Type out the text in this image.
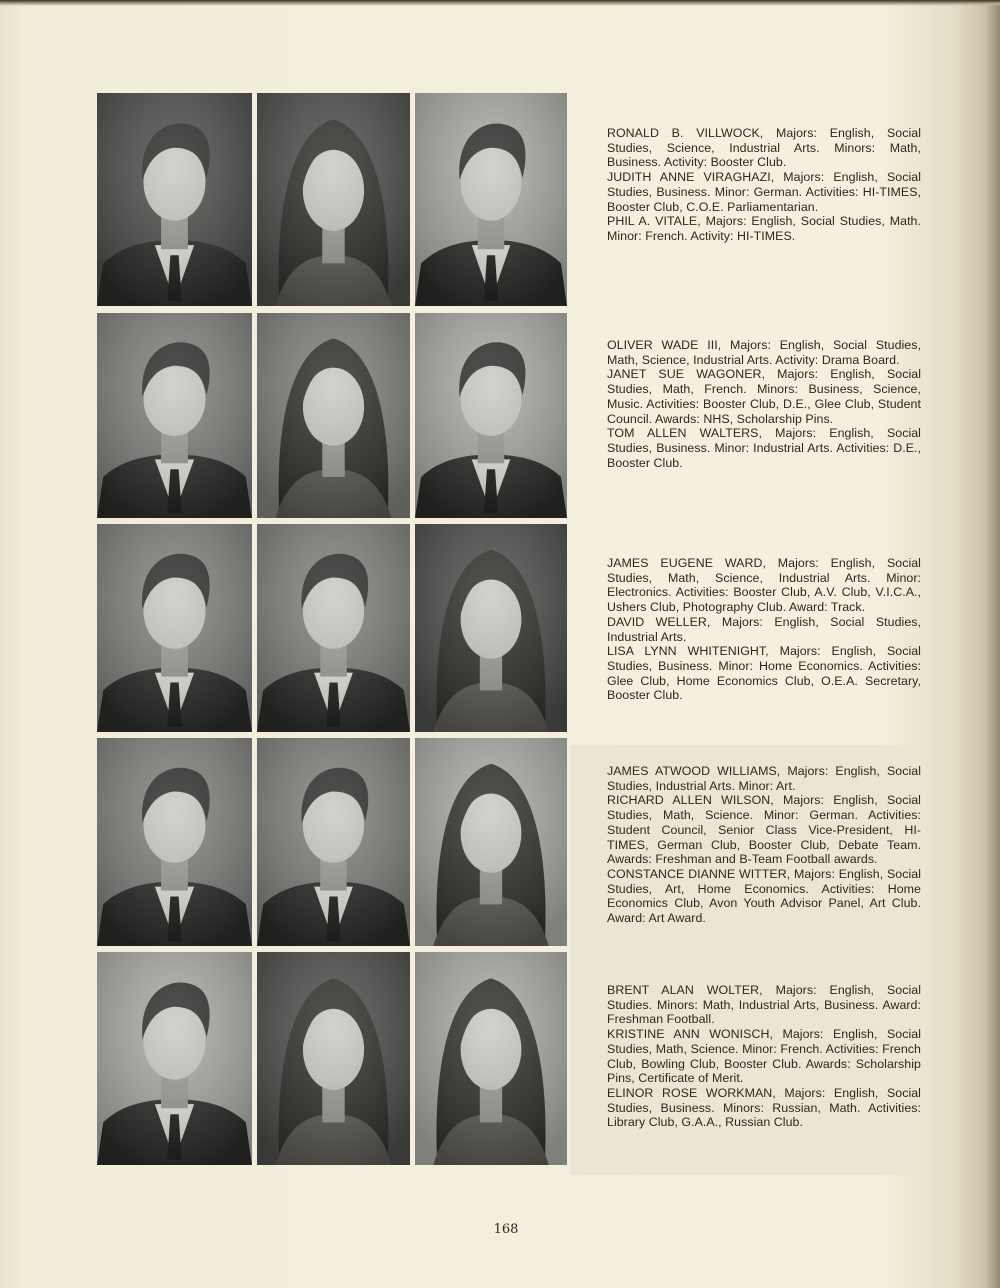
RONALD B. VILLWOCK, Majors: English, Social Studies, Science, Industrial Arts. Minors: Math, Business. Activity: Booster Club.

JUDITH ANNE VIRAGHAZI, Majors: English, Social Studies, Business. Minor: German. Activities: HI-TIMES, Booster Club, C.O.E. Parliamentarian.

PHIL A. VITALE, Majors: English, Social Studies, Math. Minor: French. Activity: HI-TIMES.

OLIVER WADE III, Majors: English, Social Studies, Math, Science, Industrial Arts. Activity: Drama Board.

JANET SUE WAGONER, Majors: English, Social Studies, Math, French. Minors: Business, Science, Music. Activities: Booster Club, D.E., Glee Club, Student Council. Awards: NHS, Scholarship Pins.

TOM ALLEN WALTERS, Majors: English, Social Studies, Business. Minor: Industrial Arts. Activities: D.E., Booster Club.

JAMES EUGENE WARD, Majors: English, Social Studies, Math, Science, Industrial Arts. Minor: Electronics. Activities: Booster Club, A.V. Club, V.I.C.A., Ushers Club, Photography Club. Award: Track.

DAVID WELLER, Majors: English, Social Studies, Industrial Arts.

LISA LYNN WHITENIGHT, Majors: English, Social Studies, Business. Minor: Home Economics. Activities: Glee Club, Home Economics Club, O.E.A. Secretary, Booster Club.

JAMES ATWOOD WILLIAMS, Majors: English, Social Studies, Industrial Arts. Minor: Art.

RICHARD ALLEN WILSON, Majors: English, Social Studies, Math, Science. Minor: German. Activities: Student Council, Senior Class Vice-President, HI-TIMES, German Club, Booster Club, Debate Team. Awards: Freshman and B-Team Football awards.

CONSTANCE DIANNE WITTER, Majors: English, Social Studies, Art, Home Economics. Activities: Home Economics Club, Avon Youth Advisor Panel, Art Club. Award: Art Award.

BRENT ALAN WOLTER, Majors: English, Social Studies. Minors: Math, Industrial Arts, Business. Award: Freshman Football.

KRISTINE ANN WONISCH, Majors: English, Social Studies, Math, Science. Minor: French. Activities: French Club, Bowling Club, Booster Club. Awards: Scholarship Pins, Certificate of Merit.

ELINOR ROSE WORKMAN, Majors: English, Social Studies, Business. Minors: Russian, Math. Activities: Library Club, G.A.A., Russian Club.

168
